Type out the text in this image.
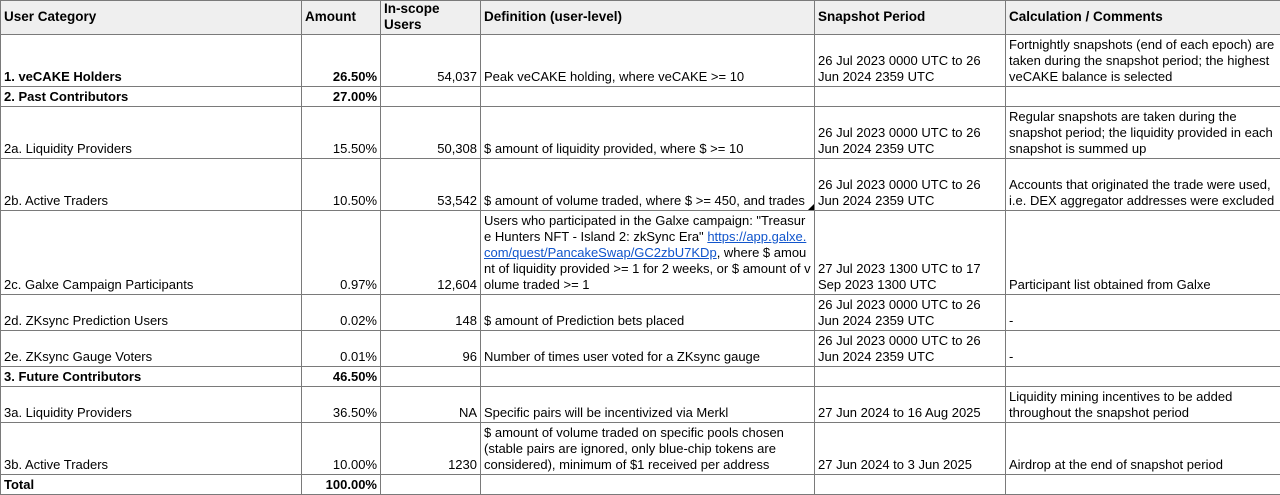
User Category	Amount	In-scope Users	Definition (user-level)	Snapshot Period	Calculation / Comments
1. veCAKE Holders	26.50%	54,037	Peak veCAKE holding, where veCAKE >= 10	26 Jul 2023 0000 UTC to 26 Jun 2024 2359 UTC	Fortnightly snapshots (end of each epoch) are taken during the snapshot period; the highest veCAKE balance is selected
2. Past Contributors	27.00%				
2a. Liquidity Providers	15.50%	50,308	$ amount of liquidity provided, where $ >= 10	26 Jul 2023 0000 UTC to 26 Jun 2024 2359 UTC	Regular snapshots are taken during the snapshot period; the liquidity provided in each snapshot is summed up
2b. Active Traders	10.50%	53,542	$ amount of volume traded, where $ >= 450, and trades	26 Jul 2023 0000 UTC to 26 Jun 2024 2359 UTC	Accounts that originated the trade were used, i.e. DEX aggregator addresses were excluded
2c. Galxe Campaign Participants	0.97%	12,604	Users who participated in the Galxe campaign: "Treasure Hunters NFT - Island 2: zkSync Era" https://app.galxe.com/quest/PancakeSwap/GC2zbU7KDp, where $ amount of liquidity provided >= 1 for 2 weeks, or $ amount of volume traded >= 1	27 Jul 2023 1300 UTC to 17 Sep 2023 1300 UTC	Participant list obtained from Galxe
2d. ZKsync Prediction Users	0.02%	148	$ amount of Prediction bets placed	26 Jul 2023 0000 UTC to 26 Jun 2024 2359 UTC	-
2e. ZKsync Gauge Voters	0.01%	96	Number of times user voted for a ZKsync gauge	26 Jul 2023 0000 UTC to 26 Jun 2024 2359 UTC	-
3. Future Contributors	46.50%				
3a. Liquidity Providers	36.50%	NA	Specific pairs will be incentivized via Merkl	27 Jun 2024 to 16 Aug 2025	Liquidity mining incentives to be added throughout the snapshot period
3b. Active Traders	10.00%	1230	$ amount of volume traded on specific pools chosen (stable pairs are ignored, only blue-chip tokens are considered), minimum of $1 received per address	27 Jun 2024 to 3 Jun 2025	Airdrop at the end of snapshot period
Total	100.00%				
